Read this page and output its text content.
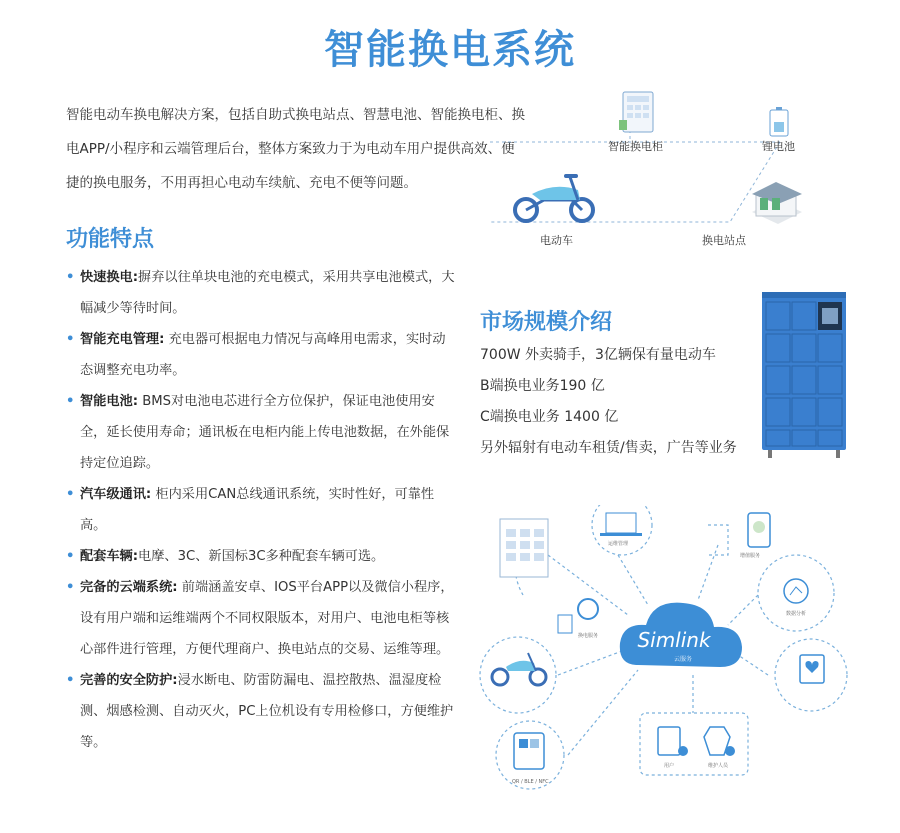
智能换电系统
智能电动车换电解决方案，包括自助式换电站点、智慧电池、智能换电柜、换电APP/小程序和云端管理后台，整体方案致力于为电动车用户提供高效、便捷的换电服务，不用再担心电动车续航、充电不便等问题。
智能换电柜	锂电池
电动车	换电站点
功能特点
• 快速换电:摒弃以往单块电池的充电模式，采用共享电池模式，大幅减少等待时间。
• 智能充电管理: 充电器可根据电力情况与高峰用电需求，实时动态调整充电功率。
• 智能电池: BMS对电池电芯进行全方位保护，保证电池使用安全，延长使用寿命；通讯板在电柜内能上传电池数据，在外能保持定位追踪。
• 汽车级通讯: 柜内采用CAN总线通讯系统，实时性好，可靠性高。
• 配套车辆:电摩、3C、新国标3C多种配套车辆可选。
• 完备的云端系统: 前端涵盖安卓、IOS平台APP以及微信小程序，设有用户端和运维端两个不同权限版本，对用户、电池电柜等核心部件进行管理，方便代理商户、换电站点的交易、运维等理。
• 完善的安全防护:浸水断电、防雷防漏电、温控散热、温湿度检测、烟感检测、自动灭火，PC上位机设有专用检修口，方便维护等。
市场规模介绍
700W 外卖骑手，3亿辆保有量电动车
B端换电业务190 亿
C端换电业务 1400 亿
另外辐射有电动车租赁/售卖，广告等业务
Simlink
云服务
换电服务
QR / BLE / NFC
运维管理
增值服务
数据分析
用户	维护人员
